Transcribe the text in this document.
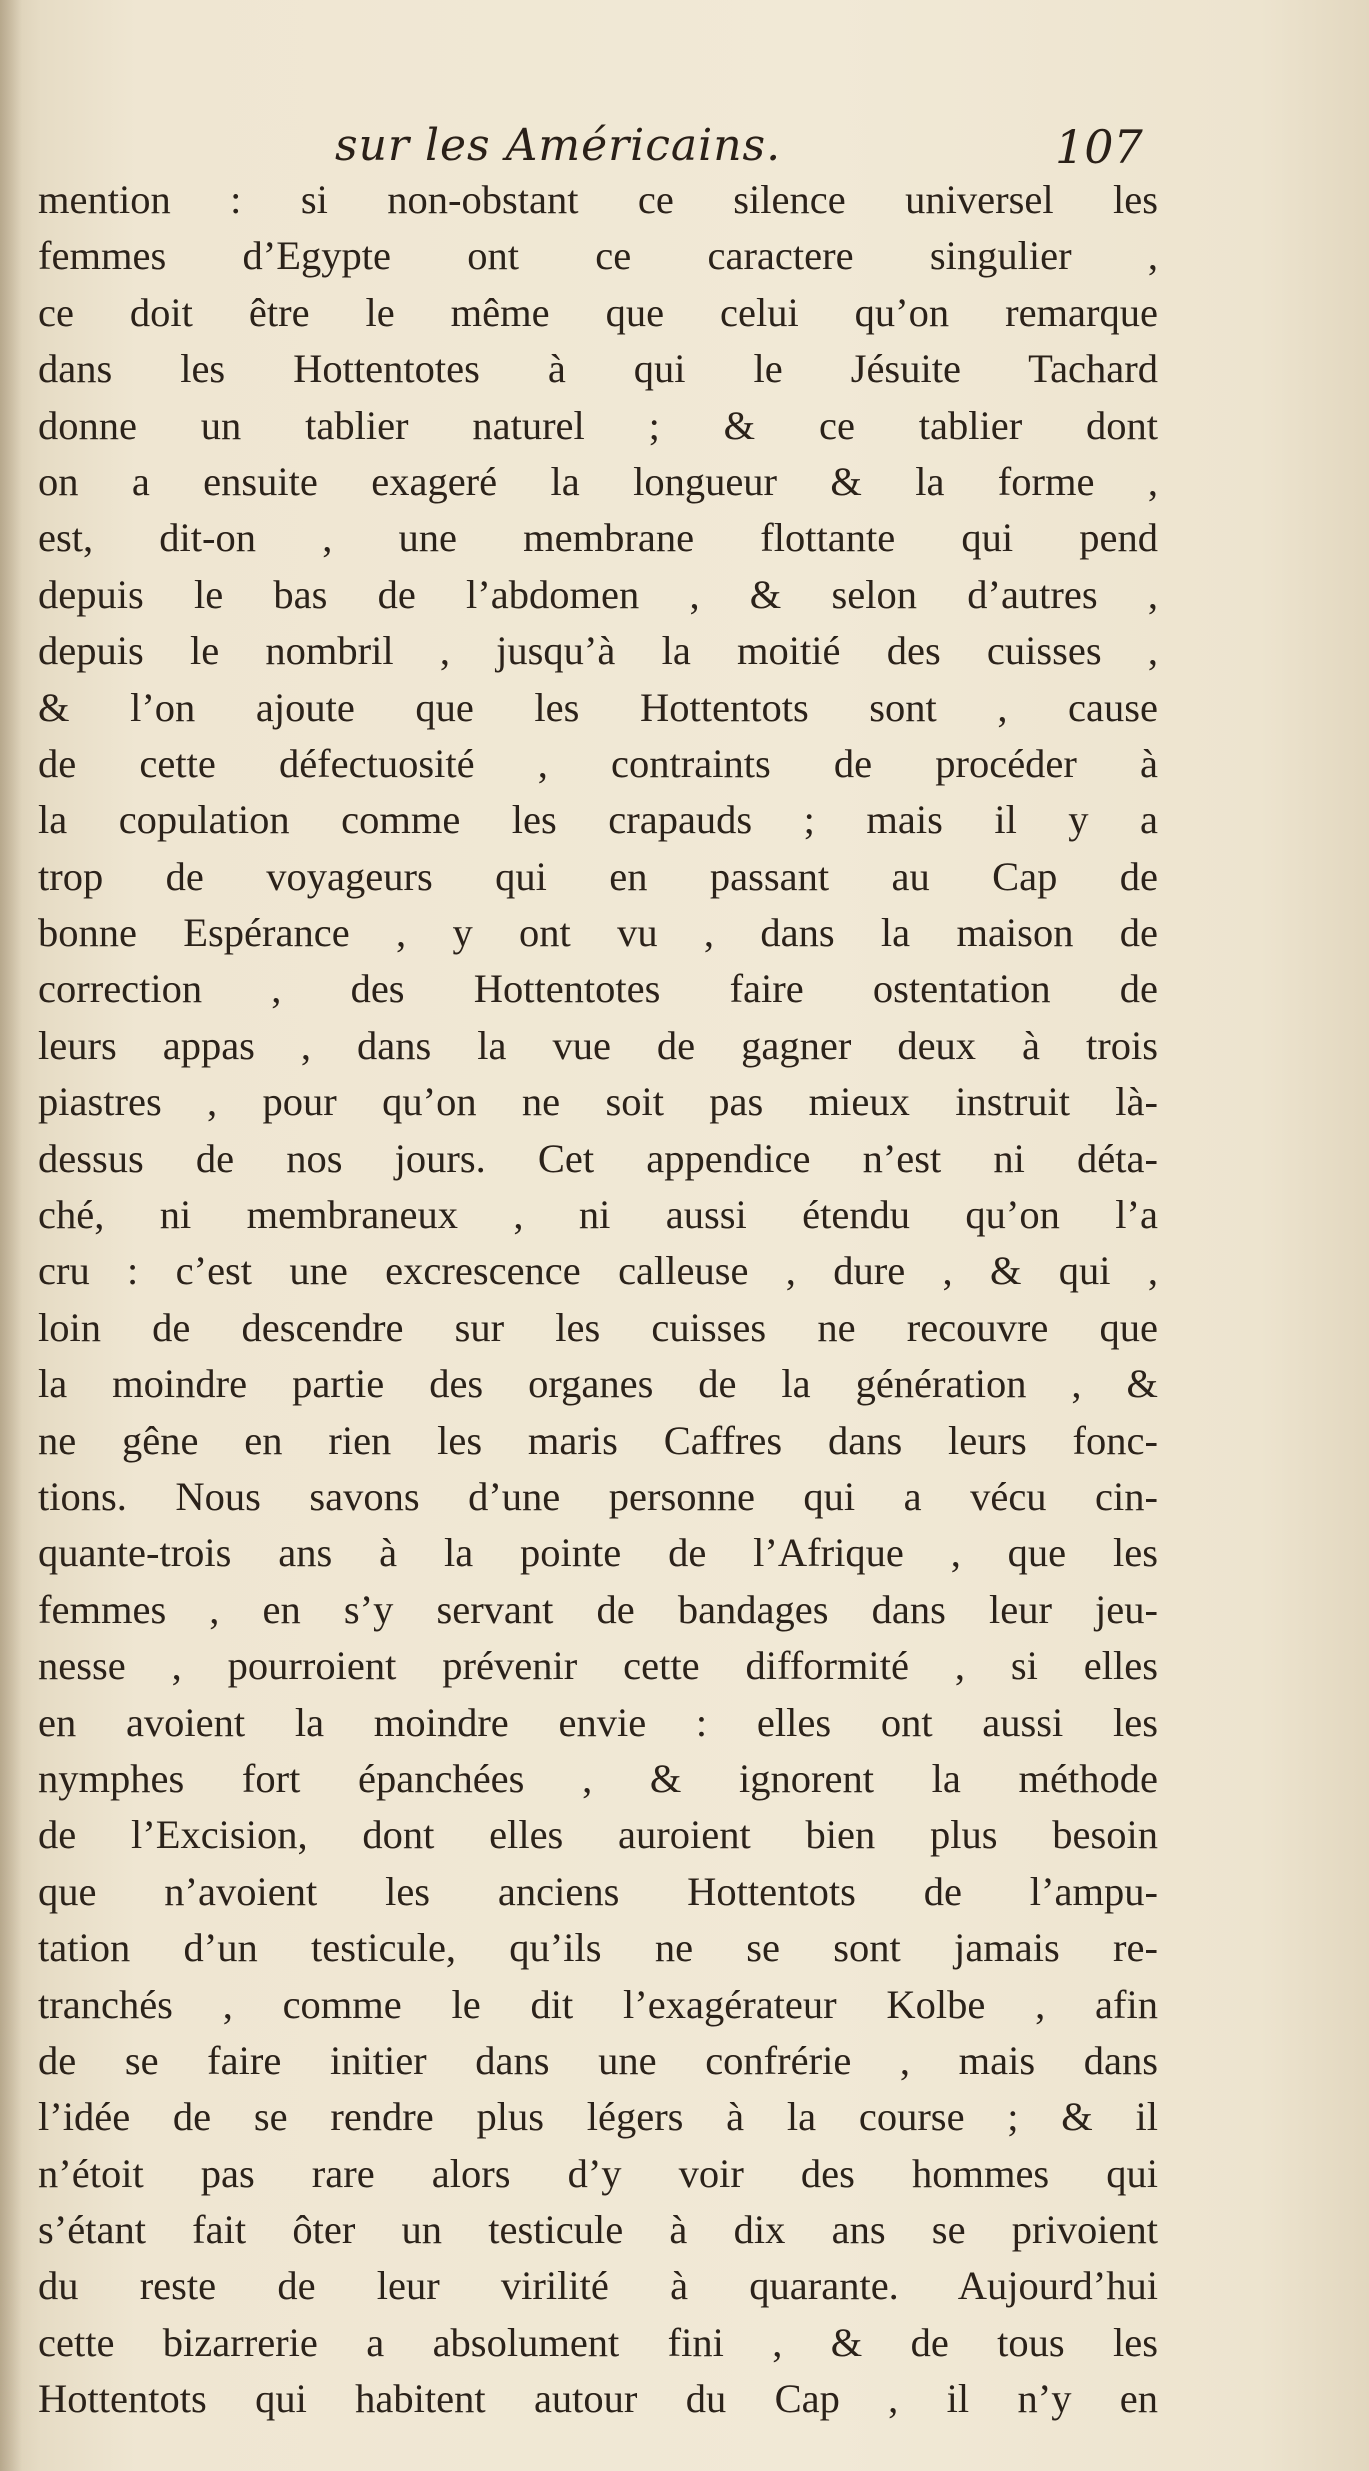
sur les Américains.	107
mention : si non-obstant ce silence universel les
femmes d’Egypte ont ce caractere singulier ,
ce doit être le même que celui qu’on remarque
dans les Hottentotes à qui le Jésuite Tachard
donne un tablier naturel ; & ce tablier dont
on a ensuite exageré la longueur & la forme ,
est, dit-on , une membrane flottante qui pend
depuis le bas de l’abdomen , & selon d’autres ,
depuis le nombril , jusqu’à la moitié des cuisses ,
& l’on ajoute que les Hottentots sont , cause
de cette défectuosité , contraints de procéder à
la copulation comme les crapauds ; mais il y a
trop de voyageurs qui en passant au Cap de
bonne Espérance , y ont vu , dans la maison de
correction , des Hottentotes faire ostentation de
leurs appas , dans la vue de gagner deux à trois
piastres , pour qu’on ne soit pas mieux instruit là-
dessus de nos jours. Cet appendice n’est ni déta-
ché, ni membraneux , ni aussi étendu qu’on l’a
cru : c’est une excrescence calleuse , dure , & qui ,
loin de descendre sur les cuisses ne recouvre que
la moindre partie des organes de la génération , &
ne gêne en rien les maris Caffres dans leurs fonc-
tions. Nous savons d’une personne qui a vécu cin-
quante-trois ans à la pointe de l’Afrique , que les
femmes , en s’y servant de bandages dans leur jeu-
nesse , pourroient prévenir cette difformité , si elles
en avoient la moindre envie : elles ont aussi les
nymphes fort épanchées , & ignorent la méthode
de l’Excision, dont elles auroient bien plus besoin
que n’avoient les anciens Hottentots de l’ampu-
tation d’un testicule, qu’ils ne se sont jamais re-
tranchés , comme le dit l’exagérateur Kolbe , afin
de se faire initier dans une confrérie , mais dans
l’idée de se rendre plus légers à la course ; & il
n’étoit pas rare alors d’y voir des hommes qui
s’étant fait ôter un testicule à dix ans se privoient
du reste de leur virilité à quarante. Aujourd’hui
cette bizarrerie a absolument fini , & de tous les
Hottentots qui habitent autour du Cap , il n’y en
